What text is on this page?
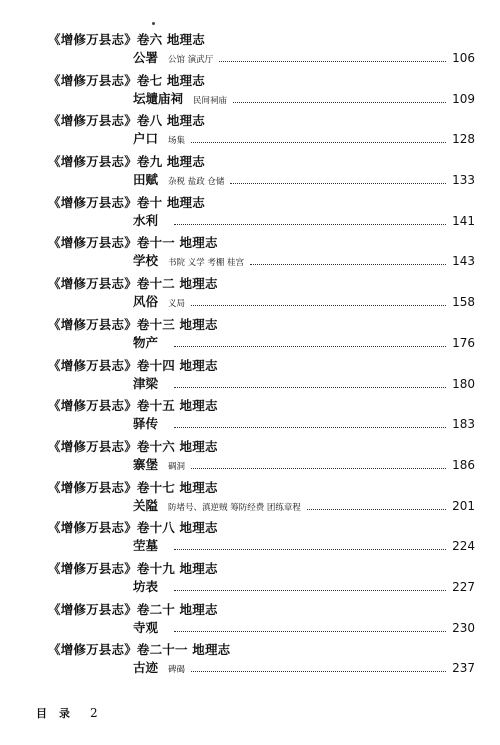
《增修万县志》卷六 地理志
公署 公馆 演武厅	106
《增修万县志》卷七 地理志
坛壝庙祠 民间祠庙	109
《增修万县志》卷八 地理志
户口 场集	128
《增修万县志》卷九 地理志
田赋 杂税 盐政 仓储	133
《增修万县志》卷十 地理志
水利	141
《增修万县志》卷十一 地理志
学校 书院 义学 考棚 桂宫	143
《增修万县志》卷十二 地理志
风俗 义局	158
《增修万县志》卷十三 地理志
物产	176
《增修万县志》卷十四 地理志
津梁	180
《增修万县志》卷十五 地理志
驿传	183
《增修万县志》卷十六 地理志
寨堡 碉洞	186
《增修万县志》卷十七 地理志
关隘 防堵号、滇逆贼 筹防经费 团练章程	201
《增修万县志》卷十八 地理志
茔墓	224
《增修万县志》卷十九 地理志
坊表	227
《增修万县志》卷二十 地理志
寺观	230
《增修万县志》卷二十一 地理志
古迹 碑碣	237
目 录 2
